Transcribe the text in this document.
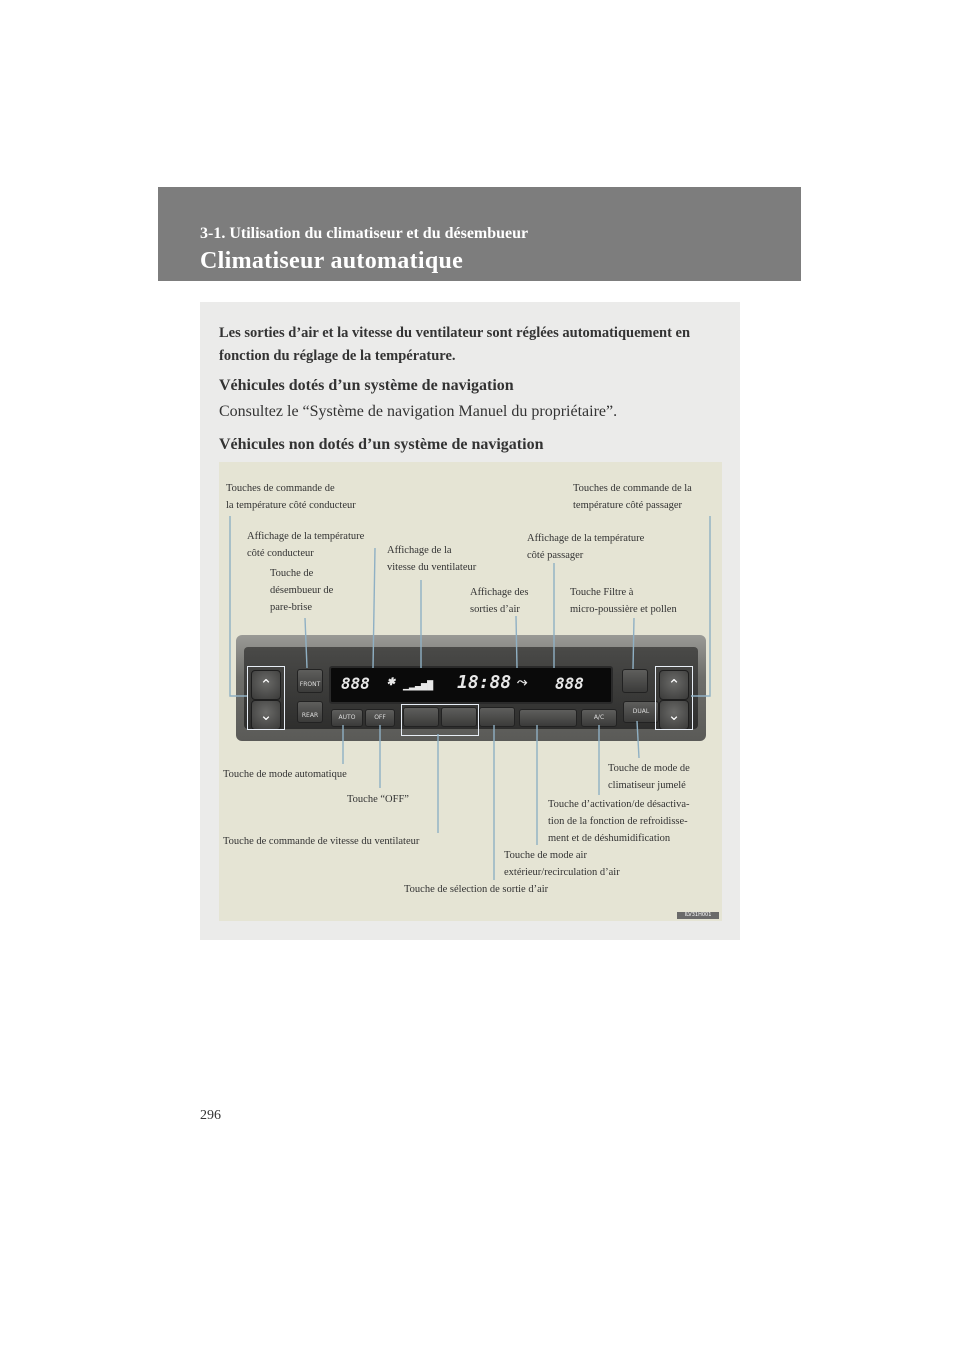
3-1. Utilisation du climatiseur et du désembueur
Climatiseur automatique
Les sorties d’air et la vitesse du ventilateur sont réglées automatiquement en fonction du réglage de la température.
Véhicules dotés d’un système de navigation
Consultez le “Système de navigation Manuel du propriétaire”.
Véhicules non dotés d’un système de navigation
Touches de commande de
la température côté conducteur
Touches de commande de la
température côté passager
Affichage de la température
côté conducteur	Affichage de la
vitesse du ventilateur
Affichage de la température
côté passager
Touche de
désembueur de
pare-brise
Affichage des
sorties d’air
Touche Filtre à
micro-poussière et pollen
Touche de mode automatique
Touche “OFF”
Touche de mode de
climatiseur jumelé
Touche d’activation/de désactiva-
tion de la fonction de refroidisse-
ment et de déshumidification
Touche de commande de vitesse du ventilateur
Touche de mode air
extérieur/recirculation d’air
Touche de sélection de sortie d’air
888 ✱ ▁▂▃▅▇ 18:88 ⤳ 888
⌃
⌄
⌃
⌄
FRONT
REAR
DUAL
AUTO	OFF	A/C
ILV31H001
296
